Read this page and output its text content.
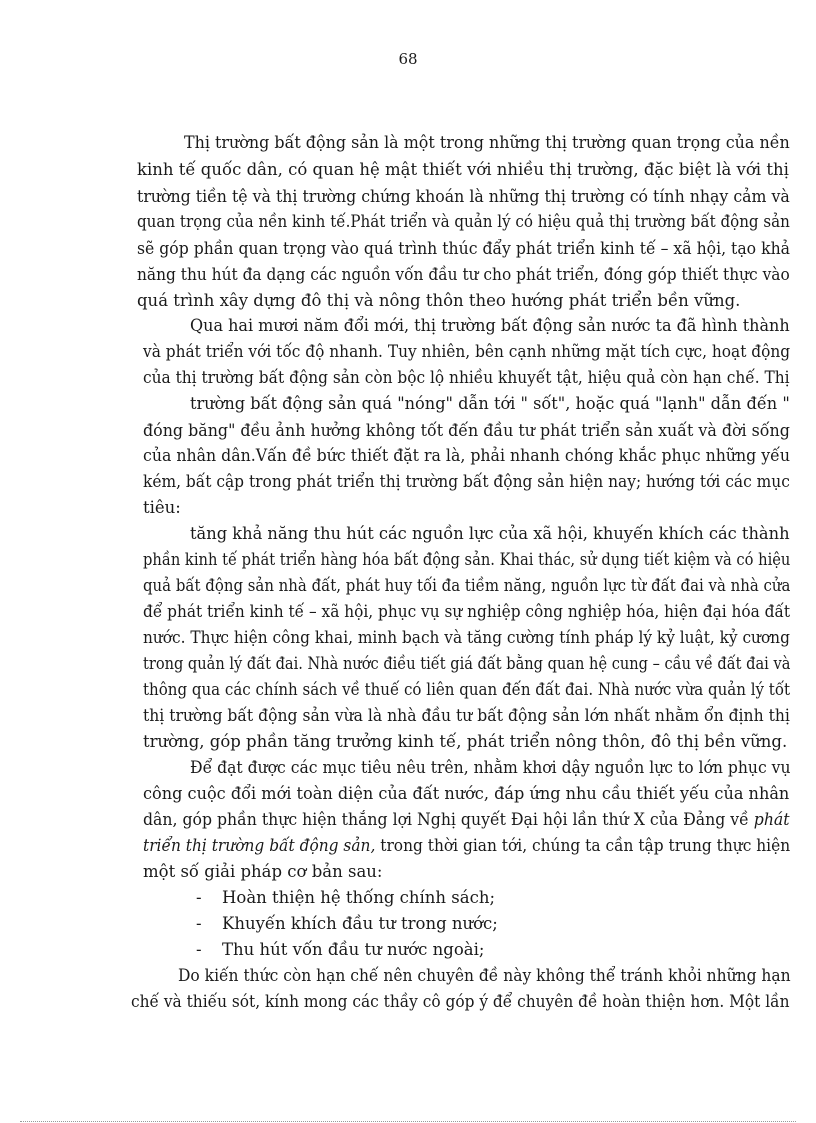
68
Thị trường bất động sản là một trong những thị trường quan trọng của nền
kinh tế quốc dân, có quan hệ mật thiết với nhiều thị trường, đặc biệt là với thị
trường tiền tệ và thị trường chứng khoán là những thị trường có tính nhạy cảm và
quan trọng của nền kinh tế.Phát triển và quản lý có hiệu quả thị trường bất động sản
sẽ góp phần quan trọng vào quá trình thúc đẩy phát triển kinh tế – xã hội, tạo khả
năng thu hút đa dạng các nguồn vốn đầu tư cho phát triển, đóng góp thiết thực vào
quá trình xây dựng đô thị và nông thôn theo hướng phát triển bền vững.
Qua hai mươi năm đổi mới, thị trường bất động sản nước ta đã hình thành
và phát triển với tốc độ nhanh. Tuy nhiên, bên cạnh những mặt tích cực, hoạt động
của thị trường bất động sản còn bộc lộ nhiều khuyết tật, hiệu quả còn hạn chế. Thị
trường bất động sản quá "nóng" dẫn tới " sốt", hoặc quá "lạnh" dẫn đến "
đóng băng" đều ảnh hưởng không tốt đến đầu tư phát triển sản xuất và đời sống
của nhân dân.Vấn đề bức thiết đặt ra là, phải nhanh chóng khắc phục những yếu
kém, bất cập trong phát triển thị trường bất động sản hiện nay; hướng tới các mục
tiêu:
tăng khả năng thu hút các nguồn lực của xã hội, khuyến khích các thành
phần kinh tế phát triển hàng hóa bất động sản. Khai thác, sử dụng tiết kiệm và có hiệu
quả bất động sản nhà đất, phát huy tối đa tiềm năng, nguồn lực từ đất đai và nhà cửa
để phát triển kinh tế – xã hội, phục vụ sự nghiệp công nghiệp hóa, hiện đại hóa đất
nước. Thực hiện công khai, minh bạch và tăng cường tính pháp lý kỷ luật, kỷ cương
trong quản lý đất đai. Nhà nước điều tiết giá đất bằng quan hệ cung – cầu về đất đai và
thông qua các chính sách về thuế có liên quan đến đất đai. Nhà nước vừa quản lý tốt
thị trường bất động sản vừa là nhà đầu tư bất động sản lớn nhất nhằm ổn định thị
trường, góp phần tăng trưởng kinh tế, phát triển nông thôn, đô thị bền vững.
Để đạt được các mục tiêu nêu trên, nhằm khơi dậy nguồn lực to lớn phục vụ
công cuộc đổi mới toàn diện của đất nước, đáp ứng nhu cầu thiết yếu của nhân
dân, góp phần thực hiện thắng lợi Nghị quyết Đại hội lần thứ X của Đảng về phát
triển thị trường bất động sản, trong thời gian tới, chúng ta cần tập trung thực hiện
một số giải pháp cơ bản sau:
- Hoàn thiện hệ thống chính sách;
- Khuyến khích đầu tư trong nước;
- Thu hút vốn đầu tư nước ngoài;
Do kiến thức còn hạn chế nên chuyên đề này không thể tránh khỏi những hạn
chế và thiếu sót, kính mong các thầy cô góp ý để chuyên đề hoàn thiện hơn. Một lần
